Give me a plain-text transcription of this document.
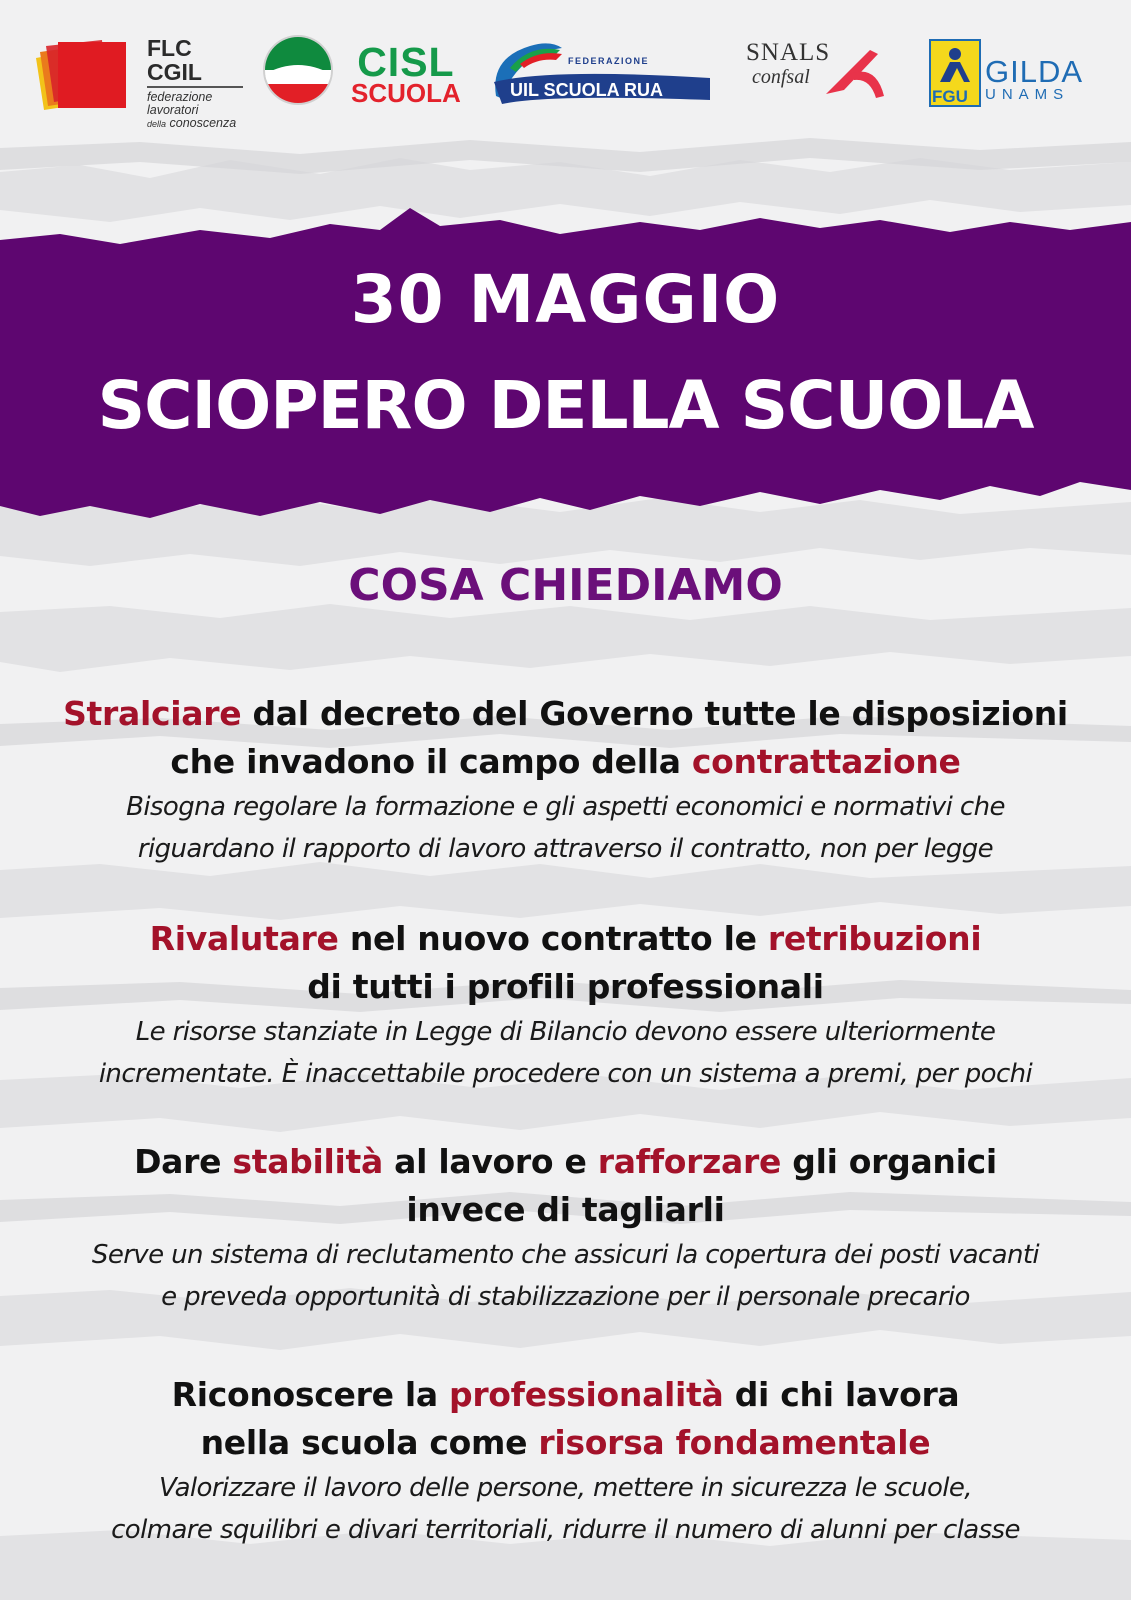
FLC CGIL
federazione
lavoratori
della conoscenza
CISL
SCUOLA
FEDERAZIONE
UIL SCUOLA RUA
SNALS
confsal
FGU
GILDA
UNAMS
30 MAGGIO
SCIOPERO DELLA SCUOLA
COSA CHIEDIAMO
Stralciare dal decreto del Governo tutte le disposizioni
che invadono il campo della contrattazione
Bisogna regolare la formazione e gli aspetti economici e normativi che
riguardano il rapporto di lavoro attraverso il contratto, non per legge
Rivalutare nel nuovo contratto le retribuzioni
di tutti i profili professionali
Le risorse stanziate in Legge di Bilancio devono essere ulteriormente
incrementate. È inaccettabile procedere con un sistema a premi, per pochi
Dare stabilità al lavoro e rafforzare gli organici
invece di tagliarli
Serve un sistema di reclutamento che assicuri la copertura dei posti vacanti
e preveda opportunità di stabilizzazione per il personale precario
Riconoscere la professionalità di chi lavora
nella scuola come risorsa fondamentale
Valorizzare il lavoro delle persone, mettere in sicurezza le scuole,
colmare squilibri e divari territoriali, ridurre il numero di alunni per classe
